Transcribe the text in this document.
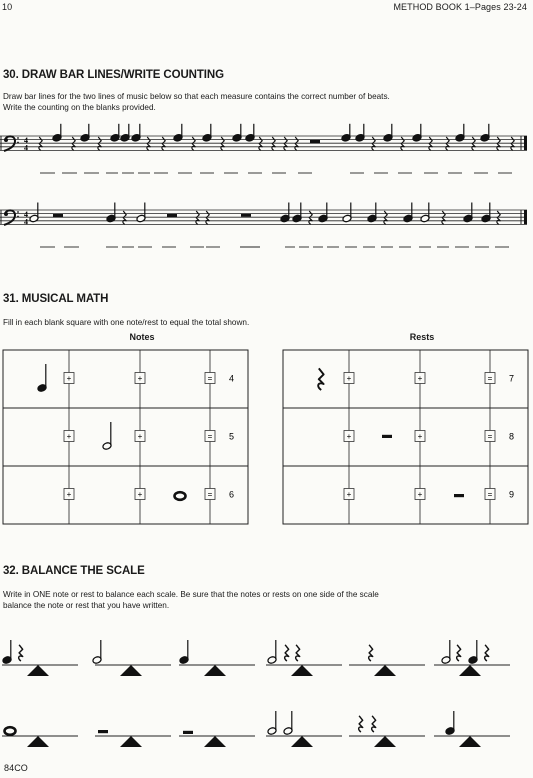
10	METHOD BOOK 1–Pages 23-24
30. DRAW BAR LINES/WRITE COUNTING
Draw bar lines for the two lines of music below so that each measure contains the correct number of beats.
Write the counting on the blanks provided.
4
4
4
4
31. MUSICAL MATH
Fill in each blank square with one note/rest to equal the total shown.
Notes	Rests
+	+	= 4
+	+	= 5
+	+	= 6
+	+	= 7
+	+	= 8
+	+	= 9
32. BALANCE THE SCALE
Write in ONE note or rest to balance each scale. Be sure that the notes or rests on one side of the scale
balance the note or rest that you have written.
84CO
